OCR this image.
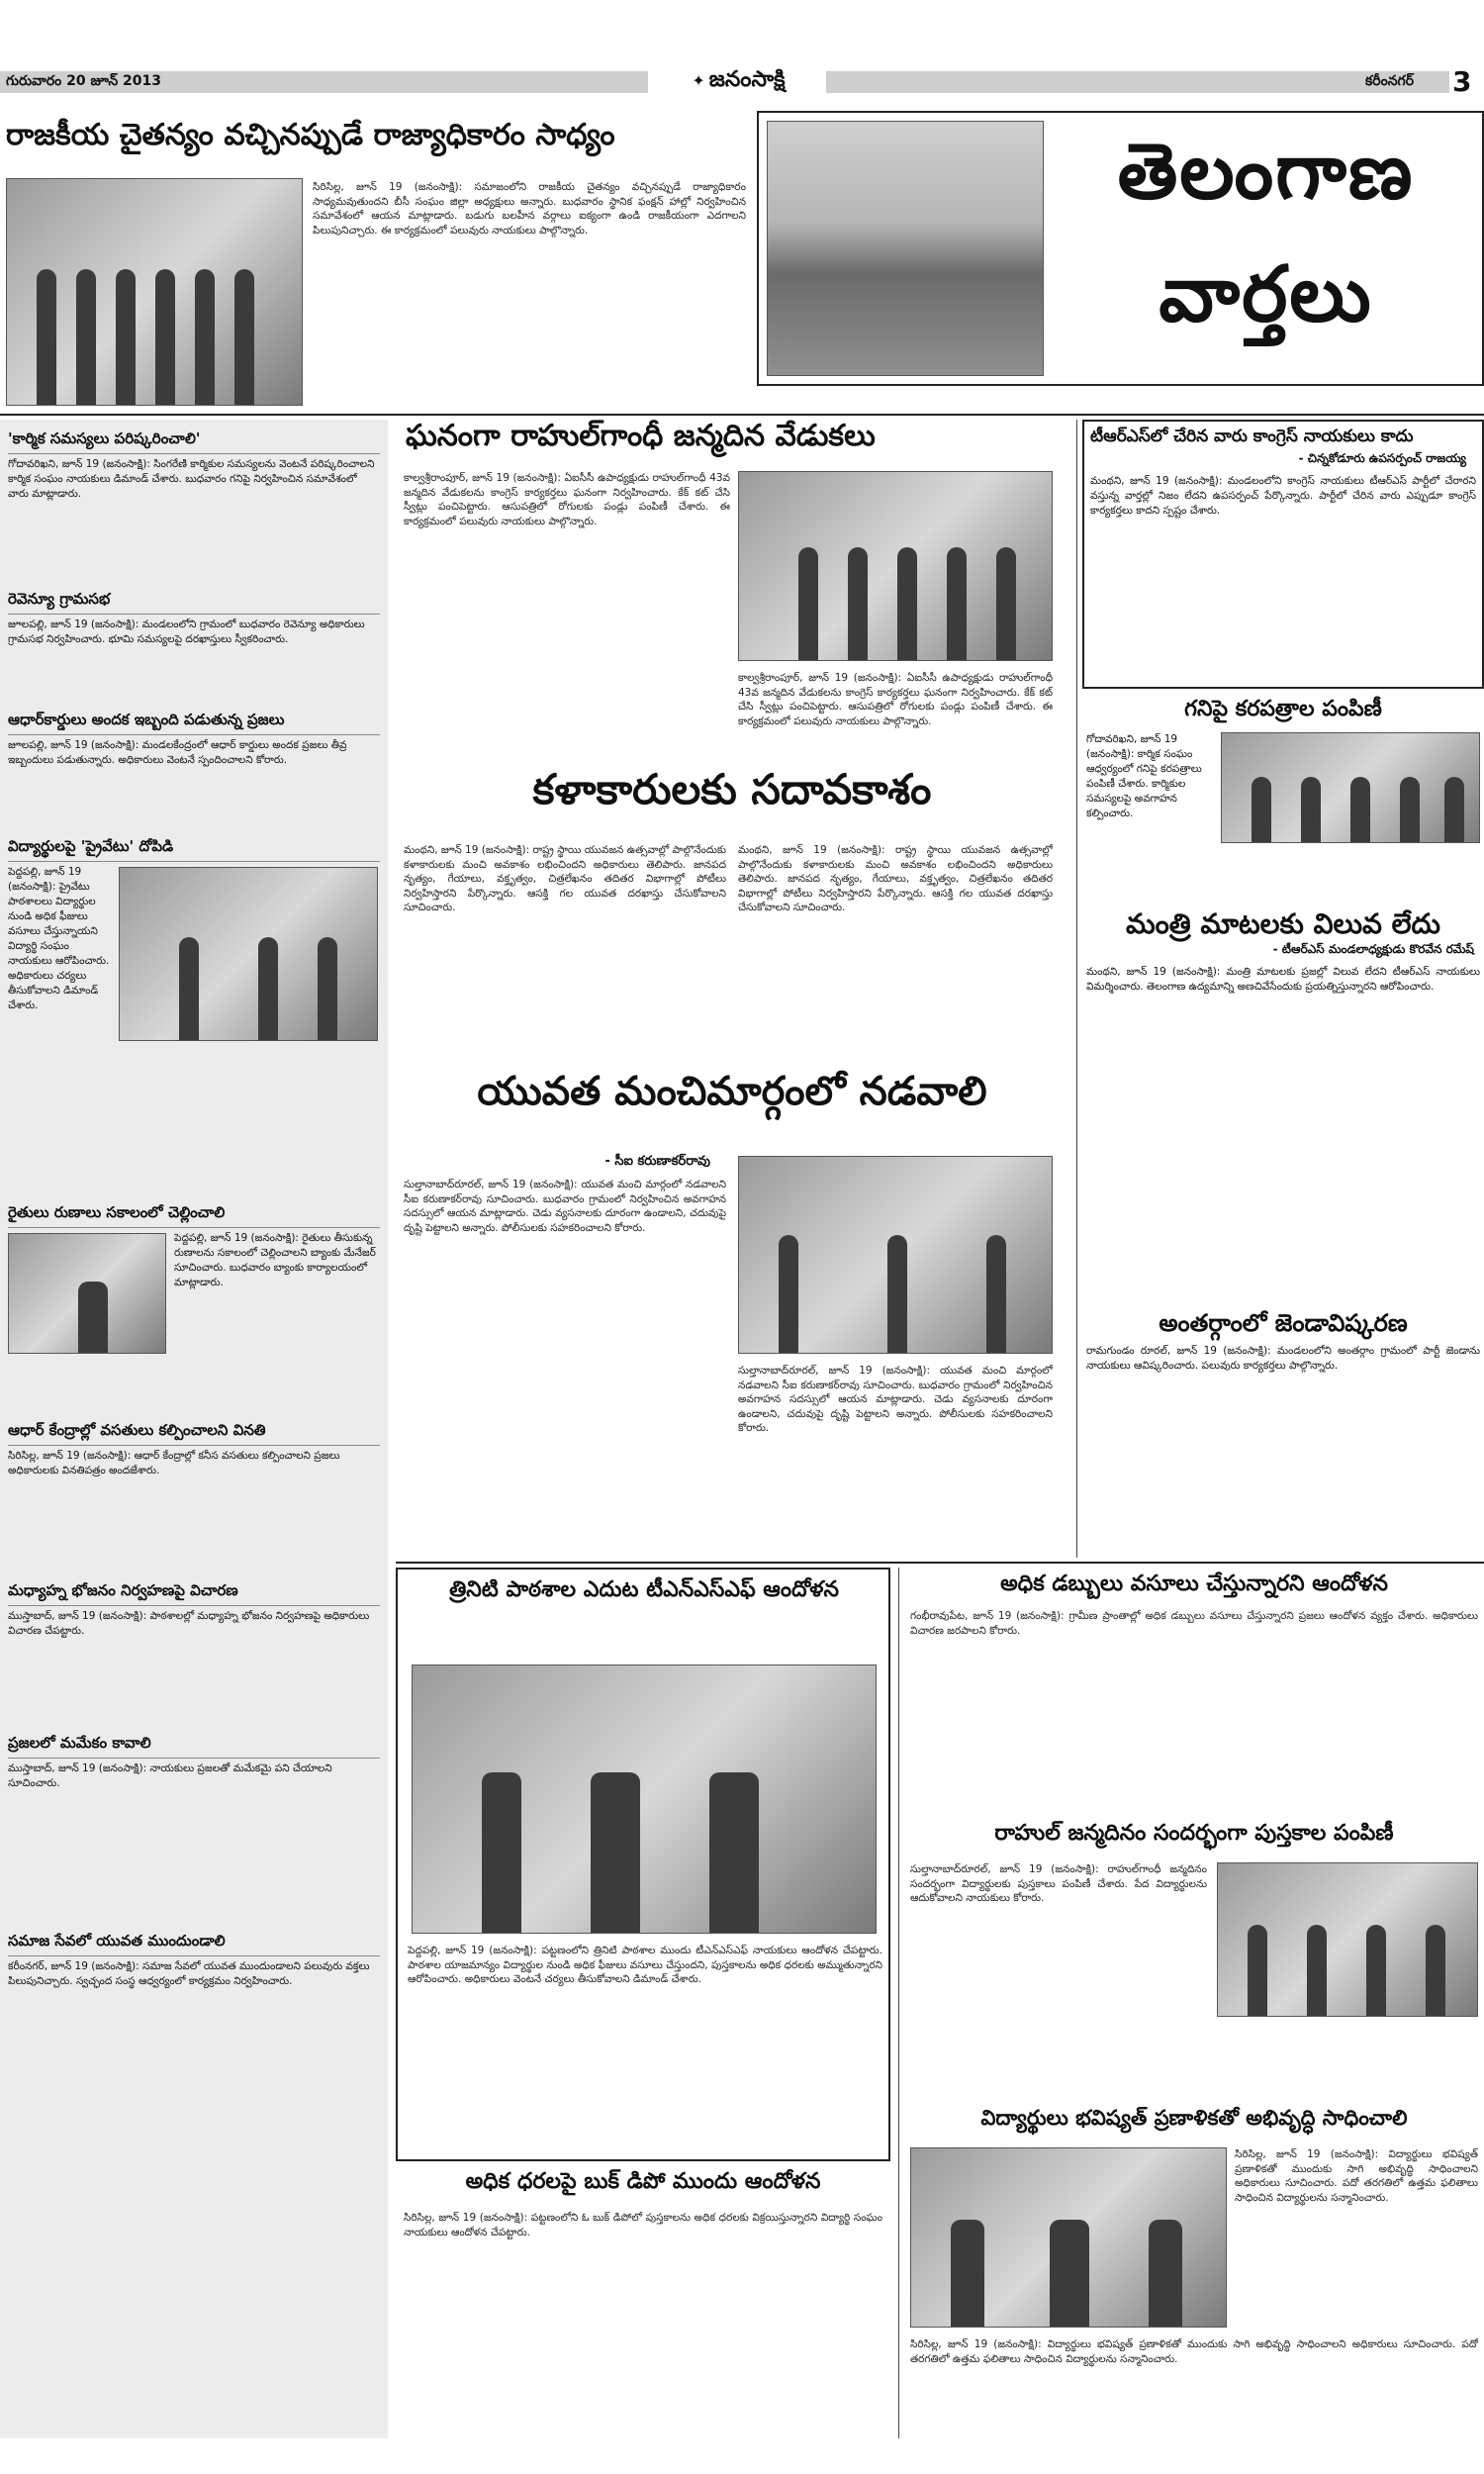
గురువారం 20 జూన్ 2013	✦ జనంసాక్షి	కరీంనగర్ 3
రాజకీయ చైతన్యం వచ్చినప్పుడే రాజ్యాధికారం సాధ్యం
సిరిసిల్ల, జూన్ 19 (జనంసాక్షి): సమాజంలోని రాజకీయ చైతన్యం వచ్చినప్పుడే రాజ్యాధికారం సాధ్యమవుతుందని బీసీ సంఘం జిల్లా అధ్యక్షులు అన్నారు. బుధవారం స్థానిక ఫంక్షన్ హాల్లో నిర్వహించిన సమావేశంలో ఆయన మాట్లాడారు. బడుగు బలహీన వర్గాలు ఐక్యంగా ఉండి రాజకీయంగా ఎదగాలని పిలుపునిచ్చారు. ఈ కార్యక్రమంలో పలువురు నాయకులు పాల్గొన్నారు.
తెలంగాణ
వార్తలు
'కార్మిక సమస్యలు పరిష్కరించాలి'
గోదావరిఖని, జూన్ 19 (జనంసాక్షి): సింగరేణి కార్మికుల సమస్యలను వెంటనే పరిష్కరించాలని కార్మిక సంఘం నాయకులు డిమాండ్ చేశారు. బుధవారం గనిపై నిర్వహించిన సమావేశంలో వారు మాట్లాడారు.
రెవెన్యూ గ్రామసభ
జూలపల్లి, జూన్ 19 (జనంసాక్షి): మండలంలోని గ్రామంలో బుధవారం రెవెన్యూ అధికారులు గ్రామసభ నిర్వహించారు. భూమి సమస్యలపై దరఖాస్తులు స్వీకరించారు.
ఆధార్‌కార్డులు అందక ఇబ్బంది పడుతున్న ప్రజలు
జూలపల్లి, జూన్ 19 (జనంసాక్షి): మండలకేంద్రంలో ఆధార్ కార్డులు అందక ప్రజలు తీవ్ర ఇబ్బందులు పడుతున్నారు. అధికారులు వెంటనే స్పందించాలని కోరారు.
విద్యార్థులపై 'ప్రైవేటు' దోపిడి
పెద్దపల్లి, జూన్ 19 (జనంసాక్షి): ప్రైవేటు పాఠశాలలు విద్యార్థుల నుండి అధిక ఫీజులు వసూలు చేస్తున్నాయని విద్యార్థి సంఘం నాయకులు ఆరోపించారు. అధికారులు చర్యలు తీసుకోవాలని డిమాండ్ చేశారు.
రైతులు రుణాలు సకాలంలో చెల్లించాలి
పెద్దపల్లి, జూన్ 19 (జనంసాక్షి): రైతులు తీసుకున్న రుణాలను సకాలంలో చెల్లించాలని బ్యాంకు మేనేజర్ సూచించారు. బుధవారం బ్యాంకు కార్యాలయంలో మాట్లాడారు.
ఆధార్ కేంద్రాల్లో వసతులు కల్పించాలని వినతి
సిరిసిల్ల, జూన్ 19 (జనంసాక్షి): ఆధార్ కేంద్రాల్లో కనీస వసతులు కల్పించాలని ప్రజలు అధికారులకు వినతిపత్రం అందజేశారు.
మధ్యాహ్న భోజనం నిర్వహణపై విచారణ
ముస్తాబాద్, జూన్ 19 (జనంసాక్షి): పాఠశాలల్లో మధ్యాహ్న భోజనం నిర్వహణపై అధికారులు విచారణ చేపట్టారు.
ప్రజలలో మమేకం కావాలి
ముస్తాబాద్, జూన్ 19 (జనంసాక్షి): నాయకులు ప్రజలతో మమేకమై పని చేయాలని సూచించారు.
సమాజ సేవలో యువత ముందుండాలి
కరీంనగర్, జూన్ 19 (జనంసాక్షి): సమాజ సేవలో యువత ముందుండాలని పలువురు వక్తలు పిలుపునిచ్చారు. స్వచ్ఛంద సంస్థ ఆధ్వర్యంలో కార్యక్రమం నిర్వహించారు.
ఘనంగా రాహుల్‌గాంధీ జన్మదిన వేడుకలు
కాల్వశ్రీరాంపూర్, జూన్ 19 (జనంసాక్షి): ఏఐసీసీ ఉపాధ్యక్షుడు రాహుల్‌గాంధీ 43వ జన్మదిన వేడుకలను కాంగ్రెస్ కార్యకర్తలు ఘనంగా నిర్వహించారు. కేక్ కట్ చేసి స్వీట్లు పంచిపెట్టారు. ఆసుపత్రిలో రోగులకు పండ్లు పంపిణీ చేశారు. ఈ కార్యక్రమంలో పలువురు నాయకులు పాల్గొన్నారు.
కాల్వశ్రీరాంపూర్, జూన్ 19 (జనంసాక్షి): ఏఐసీసీ ఉపాధ్యక్షుడు రాహుల్‌గాంధీ 43వ జన్మదిన వేడుకలను కాంగ్రెస్ కార్యకర్తలు ఘనంగా నిర్వహించారు. కేక్ కట్ చేసి స్వీట్లు పంచిపెట్టారు. ఆసుపత్రిలో రోగులకు పండ్లు పంపిణీ చేశారు. ఈ కార్యక్రమంలో పలువురు నాయకులు పాల్గొన్నారు.
కళాకారులకు సదావకాశం
మంథని, జూన్ 19 (జనంసాక్షి): రాష్ట్ర స్థాయి యువజన ఉత్సవాల్లో పాల్గొనేందుకు కళాకారులకు మంచి అవకాశం లభించిందని అధికారులు తెలిపారు. జానపద నృత్యం, గేయాలు, వక్తృత్వం, చిత్రలేఖనం తదితర విభాగాల్లో పోటీలు నిర్వహిస్తారని పేర్కొన్నారు. ఆసక్తి గల యువత దరఖాస్తు చేసుకోవాలని సూచించారు.
మంథని, జూన్ 19 (జనంసాక్షి): రాష్ట్ర స్థాయి యువజన ఉత్సవాల్లో పాల్గొనేందుకు కళాకారులకు మంచి అవకాశం లభించిందని అధికారులు తెలిపారు. జానపద నృత్యం, గేయాలు, వక్తృత్వం, చిత్రలేఖనం తదితర విభాగాల్లో పోటీలు నిర్వహిస్తారని పేర్కొన్నారు. ఆసక్తి గల యువత దరఖాస్తు చేసుకోవాలని సూచించారు.
యువత మంచిమార్గంలో నడవాలి
- సీఐ కరుణాకర్‌రావు
సుల్తానాబాద్‌రూరల్, జూన్ 19 (జనంసాక్షి): యువత మంచి మార్గంలో నడవాలని సీఐ కరుణాకర్‌రావు సూచించారు. బుధవారం గ్రామంలో నిర్వహించిన అవగాహన సదస్సులో ఆయన మాట్లాడారు. చెడు వ్యసనాలకు దూరంగా ఉండాలని, చదువుపై దృష్టి పెట్టాలని అన్నారు. పోలీసులకు సహకరించాలని కోరారు.
సుల్తానాబాద్‌రూరల్, జూన్ 19 (జనంసాక్షి): యువత మంచి మార్గంలో నడవాలని సీఐ కరుణాకర్‌రావు సూచించారు. బుధవారం గ్రామంలో నిర్వహించిన అవగాహన సదస్సులో ఆయన మాట్లాడారు. చెడు వ్యసనాలకు దూరంగా ఉండాలని, చదువుపై దృష్టి పెట్టాలని అన్నారు. పోలీసులకు సహకరించాలని కోరారు.
టీఆర్ఎస్‌లో చేరిన వారు కాంగ్రెస్ నాయకులు కాదు
- చిన్నకోడూరు ఉపసర్పంచ్ రాజయ్య
మంథని, జూన్ 19 (జనంసాక్షి): మండలంలోని కాంగ్రెస్ నాయకులు టీఆర్ఎస్ పార్టీలో చేరారని వస్తున్న వార్తల్లో నిజం లేదని ఉపసర్పంచ్ పేర్కొన్నారు. పార్టీలో చేరిన వారు ఎప్పుడూ కాంగ్రెస్ కార్యకర్తలు కాదని స్పష్టం చేశారు.
గనిపై కరపత్రాల పంపిణీ
గోదావరిఖని, జూన్ 19 (జనంసాక్షి): కార్మిక సంఘం ఆధ్వర్యంలో గనిపై కరపత్రాలు పంపిణీ చేశారు. కార్మికుల సమస్యలపై అవగాహన కల్పించారు.
మంత్రి మాటలకు విలువ లేదు
- టీఆర్ఎస్ మండలాధ్యక్షుడు కొరవేన రమేష్
మంథని, జూన్ 19 (జనంసాక్షి): మంత్రి మాటలకు ప్రజల్లో విలువ లేదని టీఆర్ఎస్ నాయకులు విమర్శించారు. తెలంగాణ ఉద్యమాన్ని అణచివేసేందుకు ప్రయత్నిస్తున్నారని ఆరోపించారు.
అంతర్గాంలో జెండావిష్కరణ
రామగుండం రూరల్, జూన్ 19 (జనంసాక్షి): మండలంలోని అంతర్గాం గ్రామంలో పార్టీ జెండాను నాయకులు ఆవిష్కరించారు. పలువురు కార్యకర్తలు పాల్గొన్నారు.
త్రినిటి పాఠశాల ఎదుట టీఎన్ఎస్ఎఫ్ ఆందోళన
పెద్దపల్లి, జూన్ 19 (జనంసాక్షి): పట్టణంలోని త్రినిటి పాఠశాల ముందు టీఎన్ఎస్ఎఫ్ నాయకులు ఆందోళన చేపట్టారు. పాఠశాల యాజమాన్యం విద్యార్థుల నుండి అధిక ఫీజులు వసూలు చేస్తుందని, పుస్తకాలను అధిక ధరలకు అమ్ముతున్నారని ఆరోపించారు. అధికారులు వెంటనే చర్యలు తీసుకోవాలని డిమాండ్ చేశారు.
అధిక ధరలపై బుక్ డిపో ముందు ఆందోళన
సిరిసిల్ల, జూన్ 19 (జనంసాక్షి): పట్టణంలోని ఓ బుక్ డిపోలో పుస్తకాలను అధిక ధరలకు విక్రయిస్తున్నారని విద్యార్థి సంఘం నాయకులు ఆందోళన చేపట్టారు.
అధిక డబ్బులు వసూలు చేస్తున్నారని ఆందోళన
గంభీరావుపేట, జూన్ 19 (జనంసాక్షి): గ్రామీణ ప్రాంతాల్లో అధిక డబ్బులు వసూలు చేస్తున్నారని ప్రజలు ఆందోళన వ్యక్తం చేశారు. అధికారులు విచారణ జరపాలని కోరారు.
రాహుల్ జన్మదినం సందర్భంగా పుస్తకాల పంపిణీ
సుల్తానాబాద్‌రూరల్, జూన్ 19 (జనంసాక్షి): రాహుల్‌గాంధీ జన్మదినం సందర్భంగా విద్యార్థులకు పుస్తకాలు పంపిణీ చేశారు. పేద విద్యార్థులను ఆదుకోవాలని నాయకులు కోరారు.
విద్యార్థులు భవిష్యత్ ప్రణాళికతో అభివృద్ధి సాధించాలి
సిరిసిల్ల, జూన్ 19 (జనంసాక్షి): విద్యార్థులు భవిష్యత్ ప్రణాళికతో ముందుకు సాగి అభివృద్ధి సాధించాలని అధికారులు సూచించారు. పదో తరగతిలో ఉత్తమ ఫలితాలు సాధించిన విద్యార్థులను సన్మానించారు.
సిరిసిల్ల, జూన్ 19 (జనంసాక్షి): విద్యార్థులు భవిష్యత్ ప్రణాళికతో ముందుకు సాగి అభివృద్ధి సాధించాలని అధికారులు సూచించారు. పదో తరగతిలో ఉత్తమ ఫలితాలు సాధించిన విద్యార్థులను సన్మానించారు.
